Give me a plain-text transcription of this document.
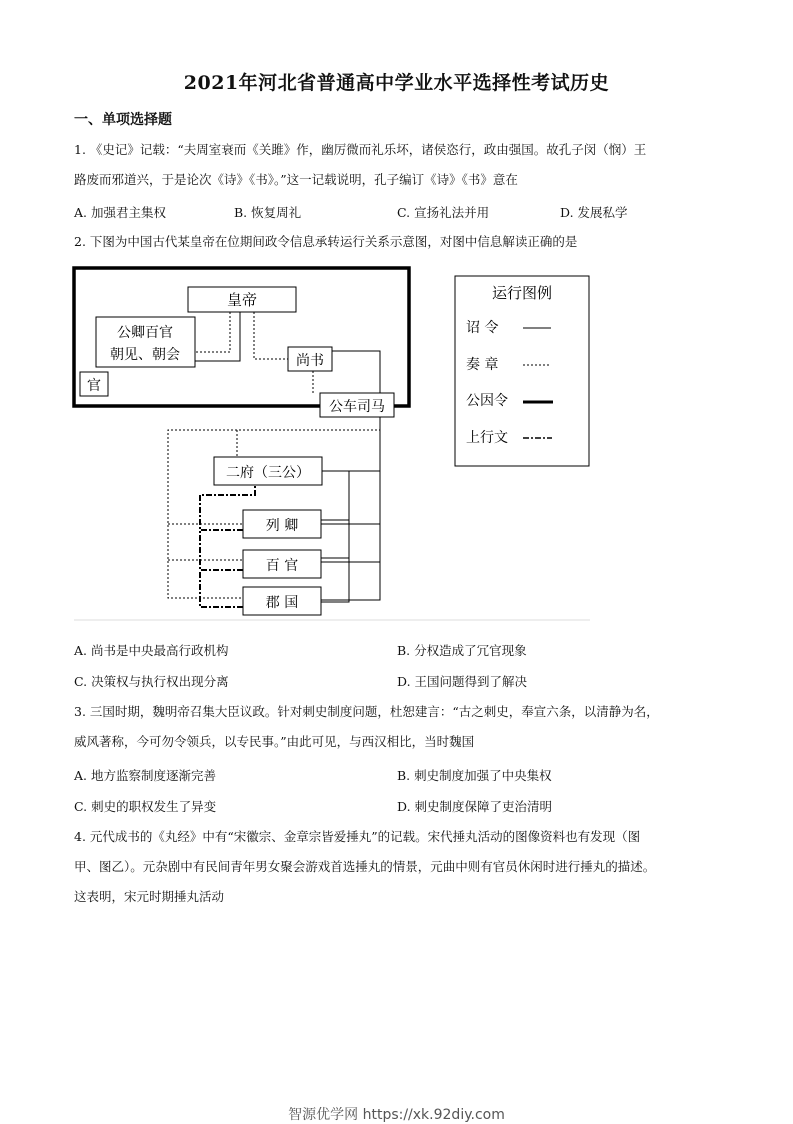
2021年河北省普通高中学业水平选择性考试历史
一、单项选择题
1. 《史记》记载：“夫周室衰而《关雎》作，幽厉微而礼乐坏，诸侯恣行，政由强国。故孔子闵（悯）王
路废而邪道兴，于是论次《诗》《书》。”这一记载说明，孔子编订《诗》《书》意在
A. 加强君主集权	B. 恢复周礼	C. 宣扬礼法并用	D. 发展私学
2. 下图为中国古代某皇帝在位期间政令信息承转运行关系示意图，对图中信息解读正确的是
皇帝
公卿百官
朝见、朝会
官
尚书
公车司马
二府（三公）
列 卿
百 官
郡 国
运行图例
诏 令
奏 章
公因令
上行文
A. 尚书是中央最高行政机构	B. 分权造成了冗官现象
C. 决策权与执行权出现分离	D. 王国问题得到了解决
3. 三国时期，魏明帝召集大臣议政。针对刺史制度问题，杜恕建言：“古之刺史，奉宣六条，以清静为名，
威风著称，今可勿令领兵，以专民事。”由此可见，与西汉相比，当时魏国
A. 地方监察制度逐渐完善	B. 刺史制度加强了中央集权
C. 刺史的职权发生了异变	D. 刺史制度保障了吏治清明
4. 元代成书的《丸经》中有“宋徽宗、金章宗皆爱捶丸”的记载。宋代捶丸活动的图像资料也有发现（图
甲、图乙）。元杂剧中有民间青年男女聚会游戏首选捶丸的情景，元曲中则有官员休闲时进行捶丸的描述。
这表明，宋元时期捶丸活动
智源优学网 https://xk.92diy.com
